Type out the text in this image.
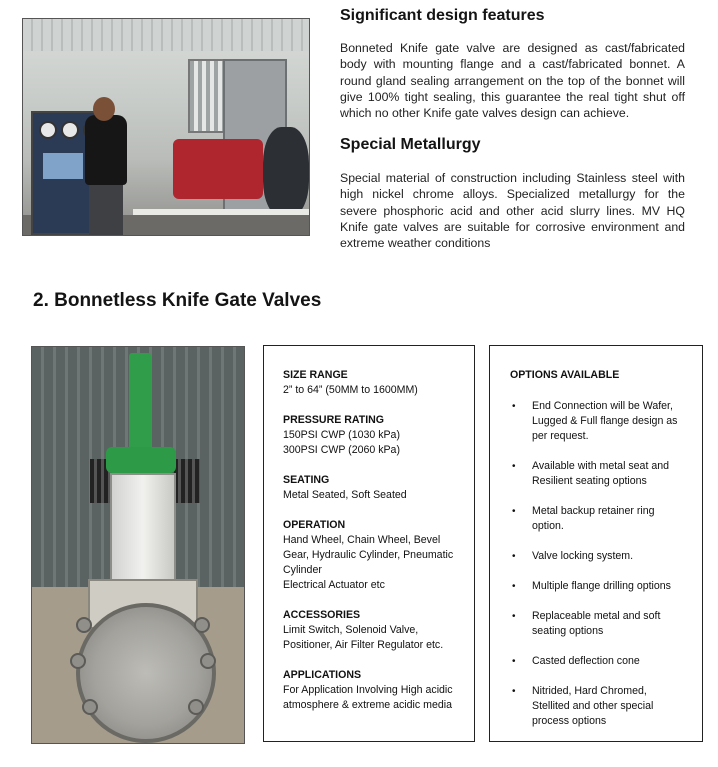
Significant design features

Bonneted Knife gate valve are designed as cast/fabricated body with mounting flange and a cast/fabricated bonnet. A round gland sealing arrangement on the top of the bonnet will give 100% tight sealing, this guarantee the real tight shut off which no other Knife gate valves design can achieve.

Special Metallurgy

Special material of construction including Stainless steel with high nickel chrome alloys. Specialized metallurgy for the severe phosphoric acid and other acid slurry lines. MV HQ Knife gate valves are suitable for corrosive environment and extreme weather conditions

2. Bonnetless Knife Gate Valves
SIZE RANGE
2” to 64” (50MM to 1600MM)
PRESSURE RATING
150PSI CWP (1030 kPa)
300PSI CWP (2060 kPa)
SEATING
Metal Seated, Soft Seated
OPERATION
Hand Wheel, Chain Wheel, Bevel
Gear, Hydraulic Cylinder, Pneumatic
Cylinder
Electrical Actuator etc
ACCESSORIES
Limit Switch, Solenoid Valve,
Positioner, Air Filter Regulator etc.
APPLICATIONS
For Application Involving High acidic
atmosphere & extreme acidic media
OPTIONS AVAILABLE
• End Connection will be Wafer,
Lugged & Full flange design as
per request.
• Available with metal seat and
Resilient seating options
• Metal backup retainer ring
option.
• Valve locking system.
• Multiple flange drilling options
• Replaceable metal and soft
seating options
• Casted deflection cone
• Nitrided, Hard Chromed,
Stellited and other special
process options
